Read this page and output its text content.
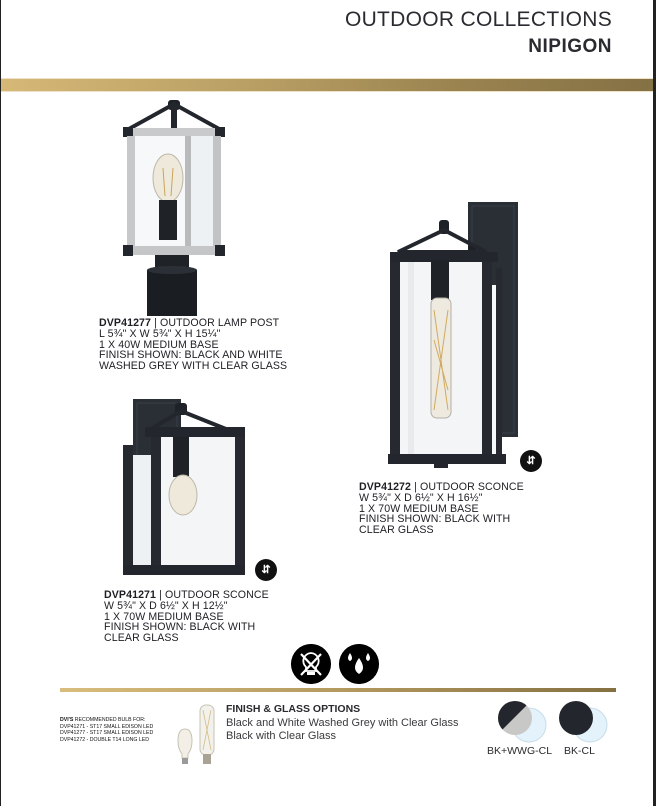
OUTDOOR COLLECTIONS
NIPIGON
DVP41277 | OUTDOOR LAMP POST
L 5¾" X W 5¾" X H 15¼"
1 X 40W MEDIUM BASE
FINISH SHOWN: BLACK AND WHITE
WASHED GREY WITH CLEAR GLASS
⇵
DVP41272 | OUTDOOR SCONCE
W 5¾" X D 6½" X H 16½"
1 X 70W MEDIUM BASE
FINISH SHOWN: BLACK WITH
CLEAR GLASS
⇵
DVP41271 | OUTDOOR SCONCE
W 5¾" X D 6½" X H 12½"
1 X 70W MEDIUM BASE
FINISH SHOWN: BLACK WITH
CLEAR GLASS
DVI'S RECOMMENDED BULB FOR:
DVP41271 - ST17 SMALL EDISON LED
DVP41277 - ST17 SMALL EDISON LED
DVP41272 - DOUBLE T14 LONG LED
FINISH & GLASS OPTIONS
Black and White Washed Grey with Clear Glass
Black with Clear Glass
BK+WWG-CL BK-CL
